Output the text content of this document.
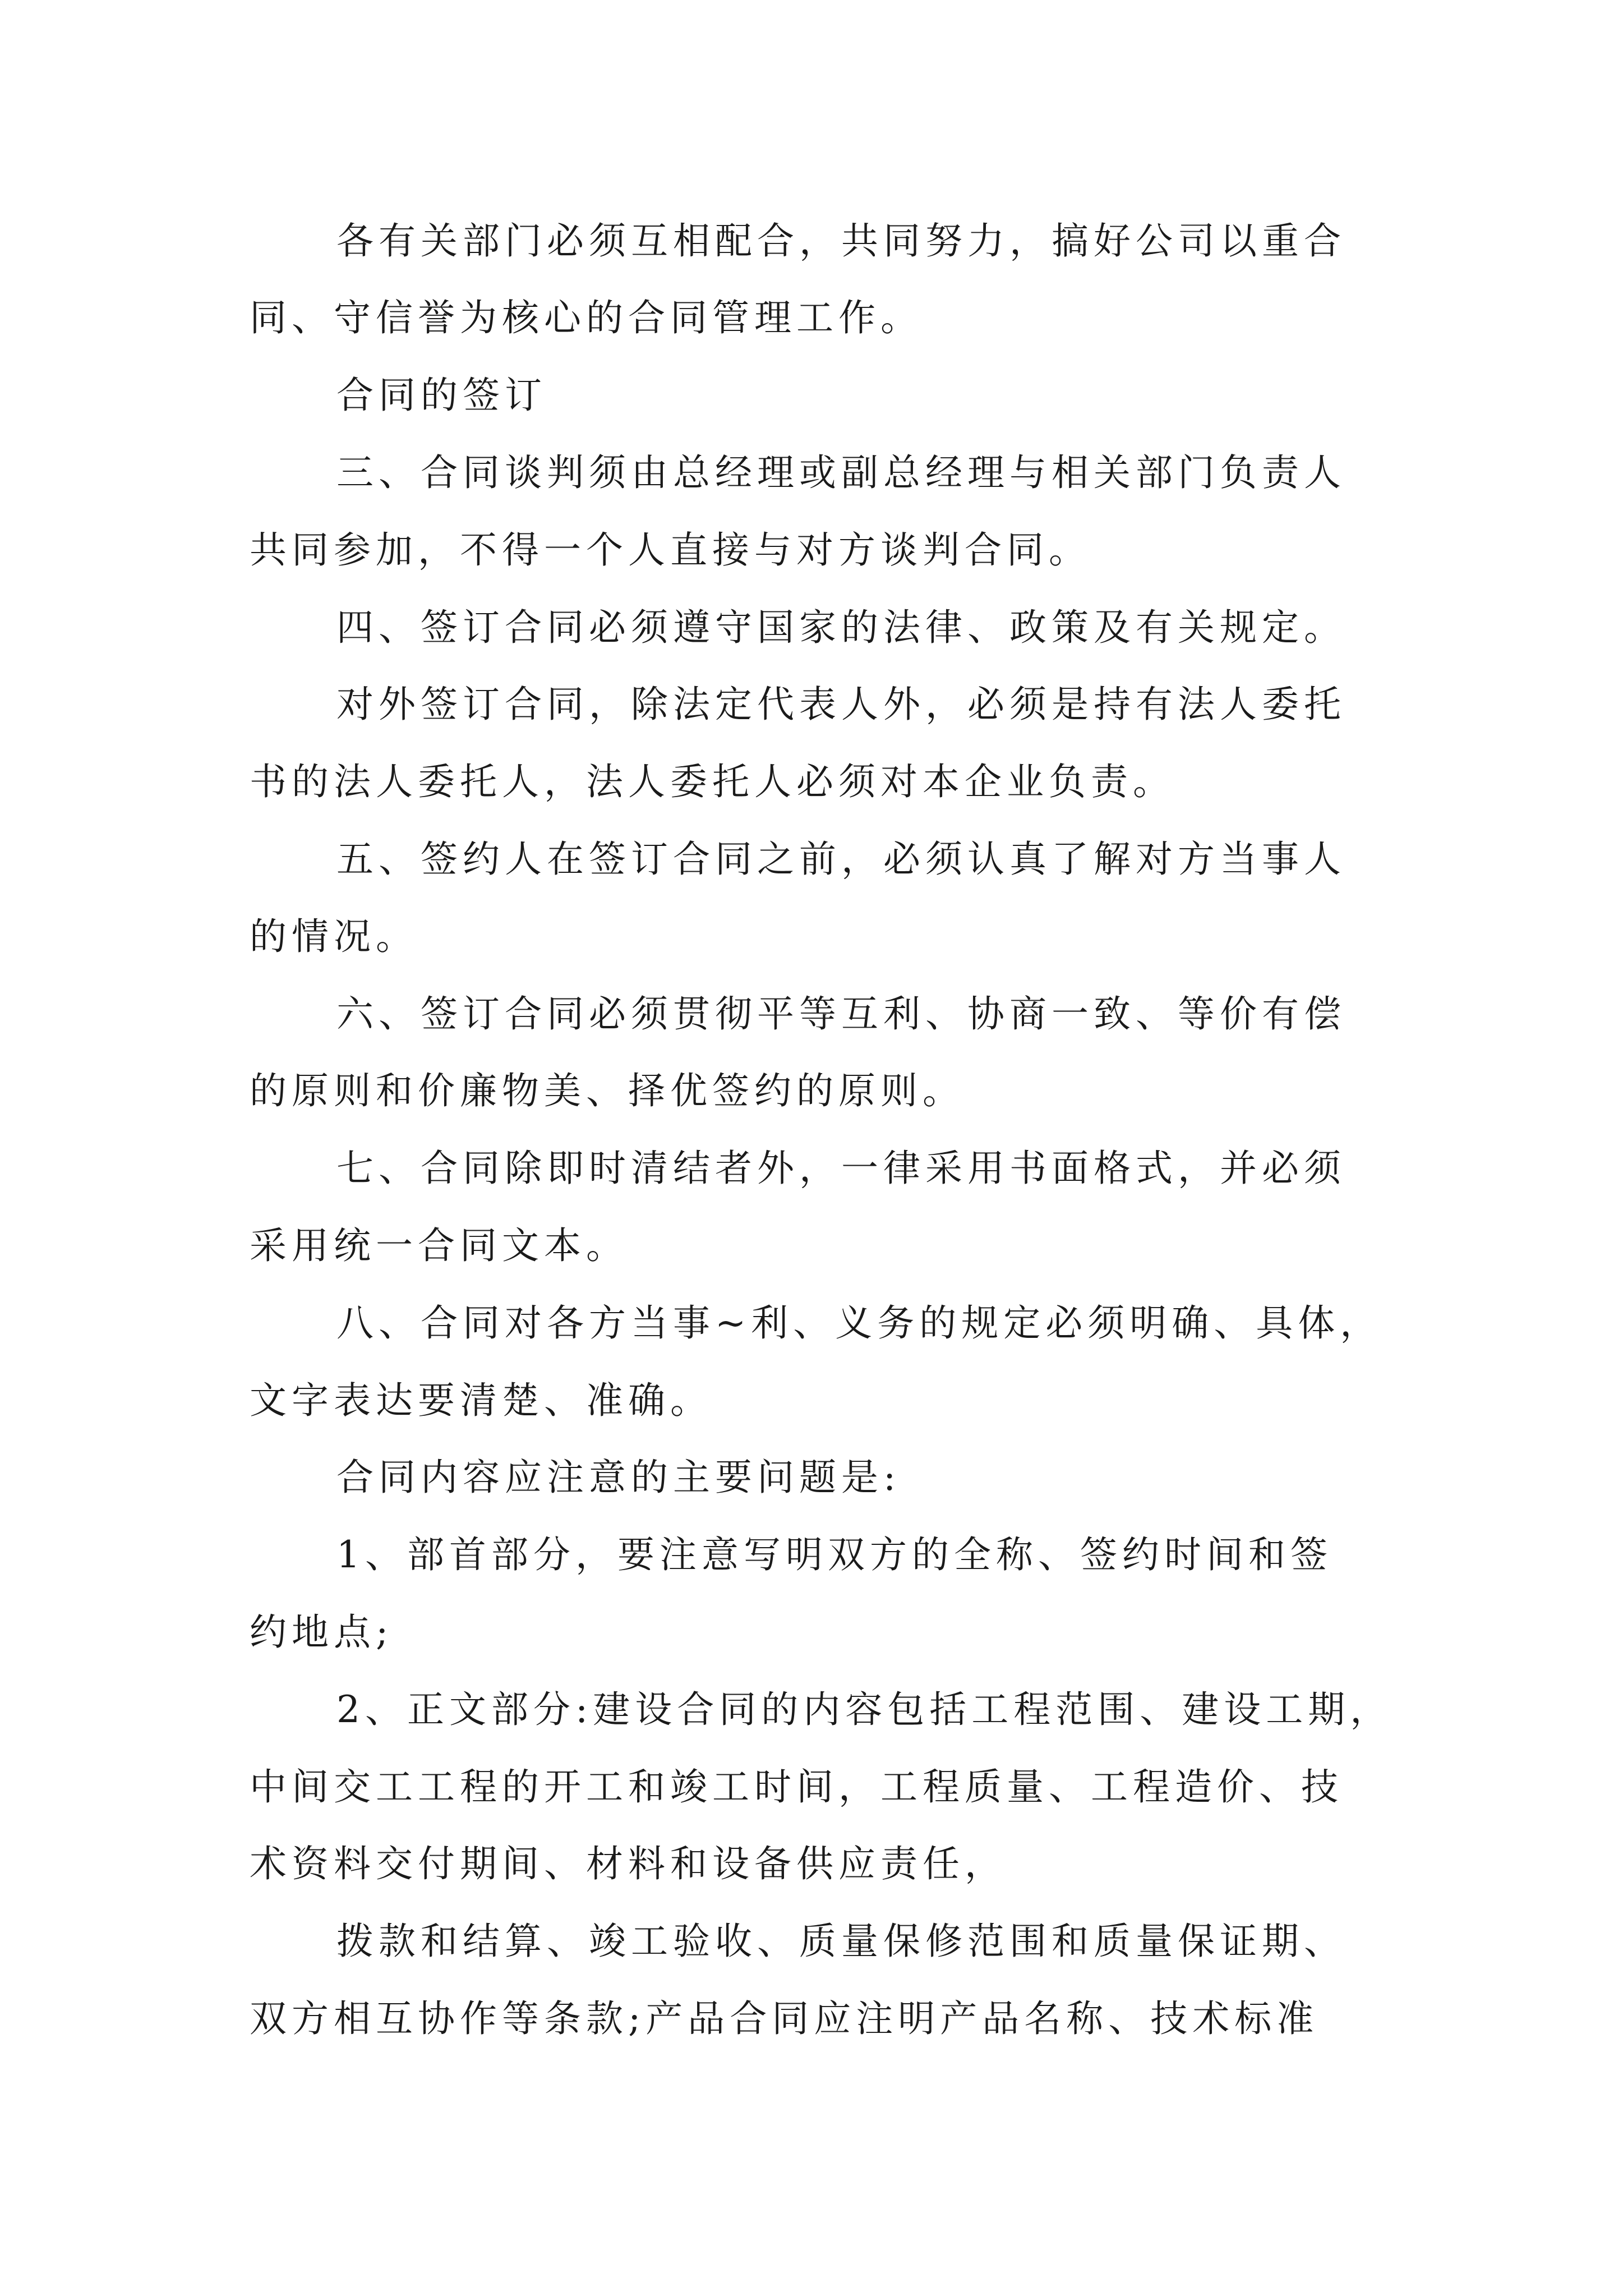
各有关部门必须互相配合，共同努力，搞好公司以重合
同、守信誉为核心的合同管理工作。
合同的签订
三、合同谈判须由总经理或副总经理与相关部门负责人
共同参加，不得一个人直接与对方谈判合同。
四、签订合同必须遵守国家的法律、政策及有关规定。
对外签订合同，除法定代表人外，必须是持有法人委托
书的法人委托人，法人委托人必须对本企业负责。
五、签约人在签订合同之前，必须认真了解对方当事人
的情况。
六、签订合同必须贯彻平等互利、协商一致、等价有偿
的原则和价廉物美、择优签约的原则。
七、合同除即时清结者外，一律采用书面格式，并必须
采用统一合同文本。
八、合同对各方当事~利、义务的规定必须明确、具体，
文字表达要清楚、准确。
合同内容应注意的主要问题是:
1、部首部分，要注意写明双方的全称、签约时间和签
约地点;
2、正文部分:建设合同的内容包括工程范围、建设工期，
中间交工工程的开工和竣工时间，工程质量、工程造价、技
术资料交付期间、材料和设备供应责任，
拨款和结算、竣工验收、质量保修范围和质量保证期、
双方相互协作等条款;产品合同应注明产品名称、技术标准
